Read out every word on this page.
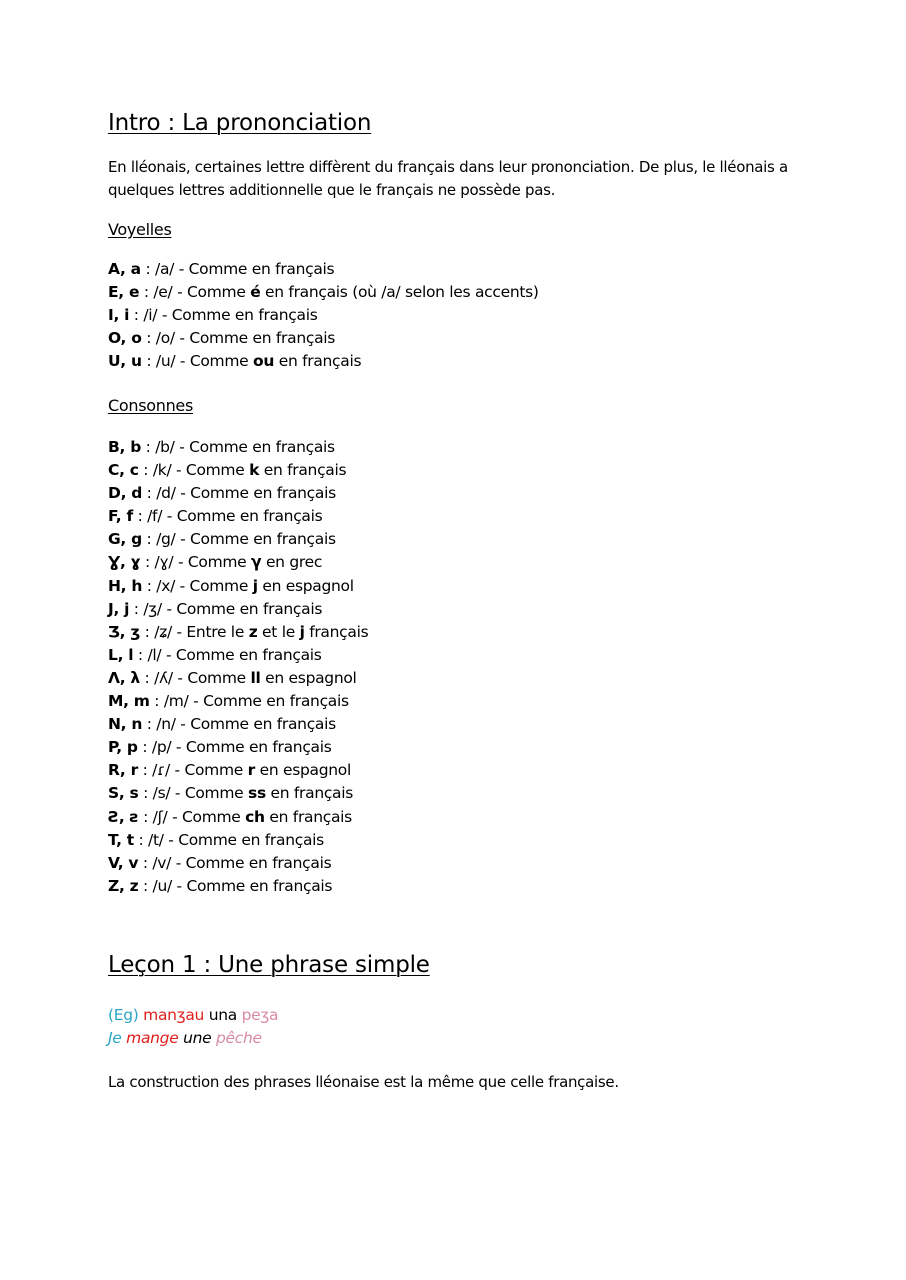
Intro : La prononciation
En lléonais, certaines lettre diffèrent du français dans leur prononciation. De plus, le lléonais a quelques lettres additionnelle que le français ne possède pas.
Voyelles
A, a : /a/ - Comme en français
E, e : /e/ - Comme é en français (où /a/ selon les accents)
I, i : /i/ - Comme en français
O, o : /o/ - Comme en français
U, u : /u/ - Comme ou en français
Consonnes
B, b : /b/ - Comme en français
C, c : /k/ - Comme k en français
D, d : /d/ - Comme en français
F, f : /f/ - Comme en français
G, g : /g/ - Comme en français
Ɣ, ɣ : /ɣ/ - Comme γ en grec
H, h : /x/ - Comme j en espagnol
J, j : /ʒ/ - Comme en français
Ʒ, ʒ : /ʑ/ - Entre le z et le j français
L, l : /l/ - Comme en français
Ʌ, λ : /ʎ/ - Comme ll en espagnol
M, m : /m/ - Comme en français
N, n : /n/ - Comme en français
P, p : /p/ - Comme en français
R, r : /ɾ/ - Comme r en espagnol
S, s : /s/ - Comme ss en français
Ƨ, ƨ : /ʃ/ - Comme ch en français
T, t : /t/ - Comme en français
V, v : /v/ - Comme en français
Z, z : /u/ - Comme en français
Leçon 1 : Une phrase simple
(Eg) manʒau una peʒa
Je mange une pêche
La construction des phrases lléonaise est la même que celle française.
